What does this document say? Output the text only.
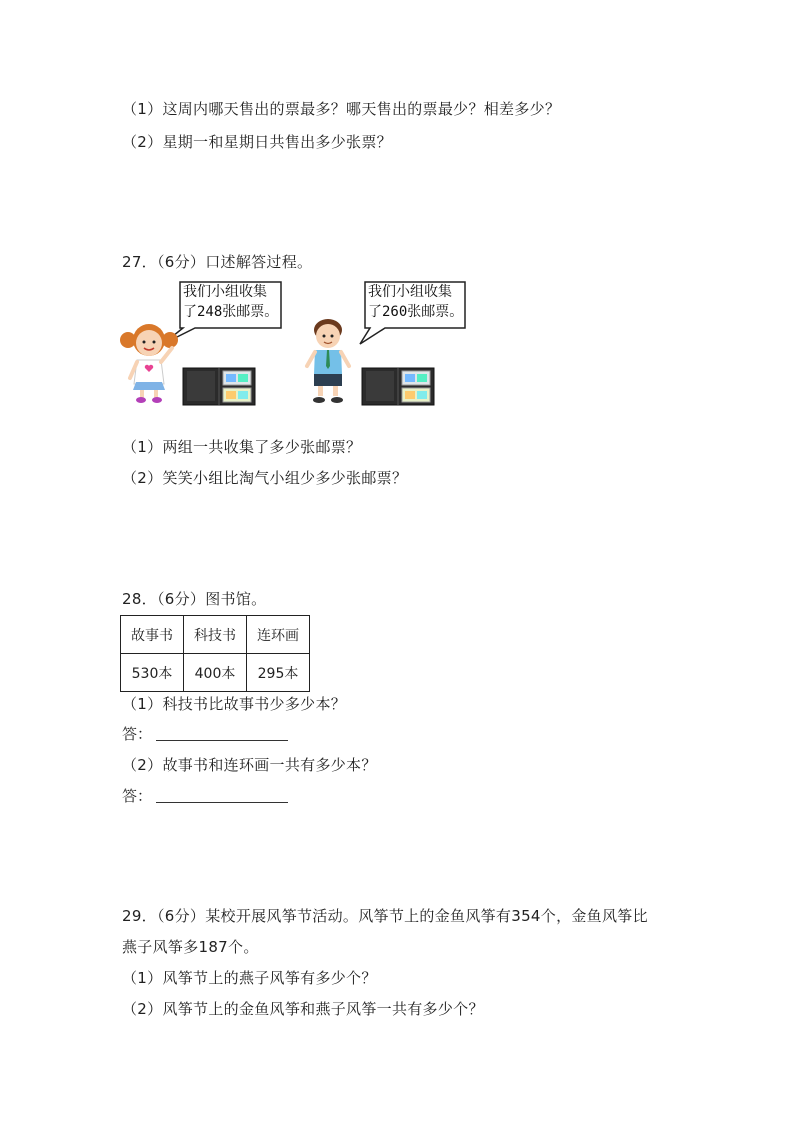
（1）这周内哪天售出的票最多？哪天售出的票最少？相差多少？
（2）星期一和星期日共售出多少张票？
27．（6分）口述解答过程。
我们小组收集
了248张邮票。
我们小组收集
了260张邮票。
（1）两组一共收集了多少张邮票？
（2）笑笑小组比淘气小组少多少张邮票？
28．（6分）图书馆。
故事书	科技书	连环画
530本	400本	295本
（1）科技书比故事书少多少本？
答：
（2）故事书和连环画一共有多少本？
答：
29．（6分）某校开展风筝节活动。风筝节上的金鱼风筝有354个，金鱼风筝比
燕子风筝多187个。
（1）风筝节上的燕子风筝有多少个？
（2）风筝节上的金鱼风筝和燕子风筝一共有多少个？
